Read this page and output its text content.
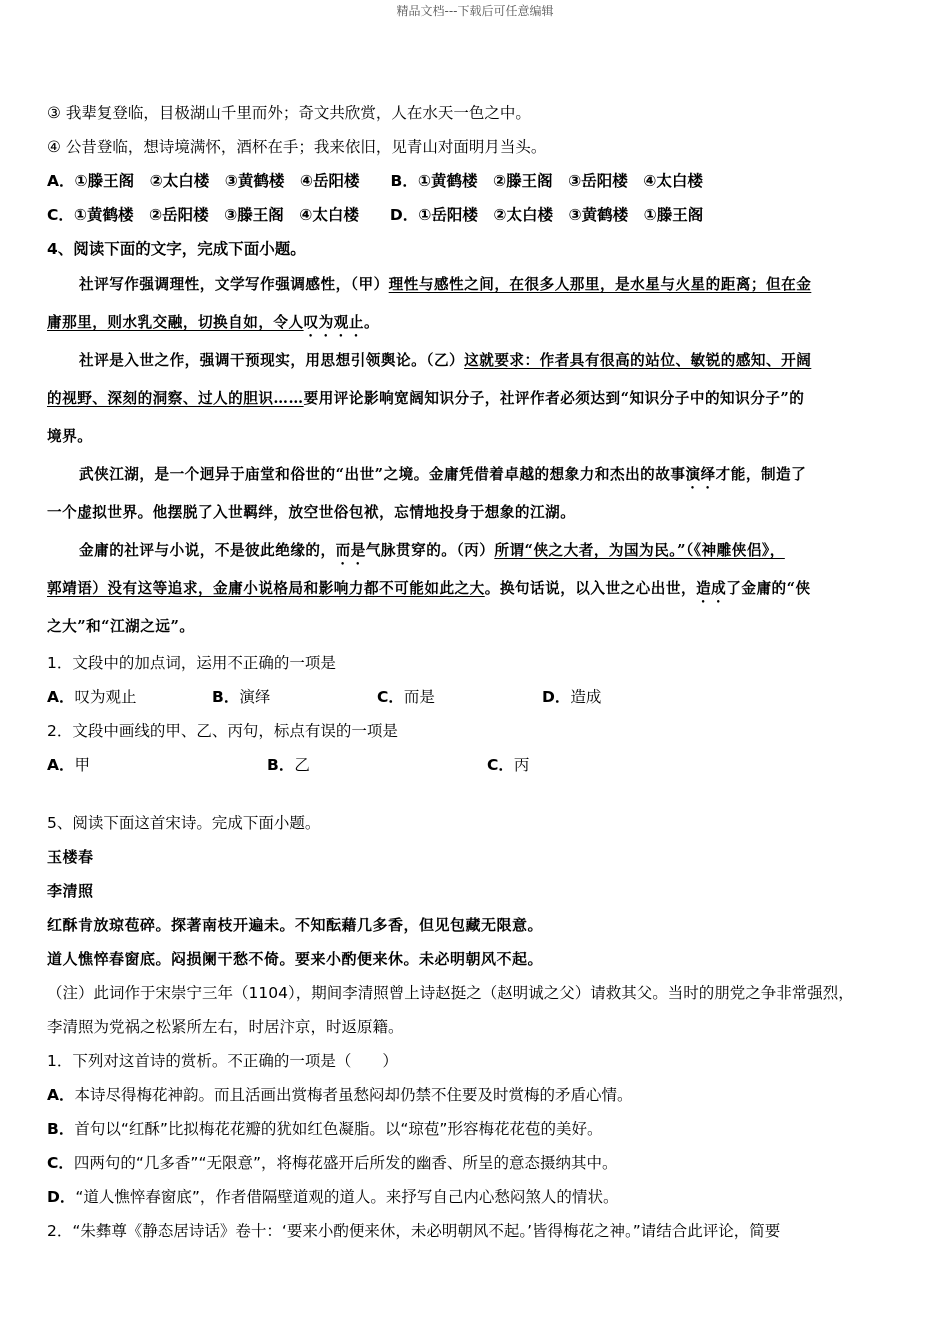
精品文档---下载后可任意编辑
③ 我辈复登临，目极湖山千里而外；奇文共欣赏，人在水天一色之中。
④ 公昔登临，想诗境满怀，酒杯在手；我来依旧，见青山对面明月当头。
A．①滕王阁　②太白楼　③黄鹤楼　④岳阳楼　　 B．①黄鹤楼　②滕王阁　③岳阳楼　④太白楼
C．①黄鹤楼　②岳阳楼　③滕王阁　④太白楼　　 D．①岳阳楼　②太白楼　③黄鹤楼　①滕王阁
4、阅读下面的文字，完成下面小题。
社评写作强调理性，文学写作强调感性，（甲）理性与感性之间，在很多人那里，是水星与火星的距离；但在金
庸那里，则水乳交融，切换自如，令人叹为观止。
社评是入世之作，强调干预现实，用思想引领舆论。（乙）这就要求：作者具有很高的站位、敏锐的感知、开阔
的视野、深刻的洞察、过人的胆识……要用评论影响宽阔知识分子，社评作者必须达到“知识分子中的知识分子”的
境界。
武侠江湖，是一个迥异于庙堂和俗世的“出世”之境。金庸凭借着卓越的想象力和杰出的故事演绎才能，制造了
一个虚拟世界。他摆脱了入世羁绊，放空世俗包袱，忘情地投身于想象的江湖。
金庸的社评与小说，不是彼此绝缘的，而是气脉贯穿的。（丙）所谓“侠之大者，为国为民。”（《神雕侠侣》，
郭靖语）没有这等追求，金庸小说格局和影响力都不可能如此之大。换句话说，以入世之心出世，造成了金庸的“侠
之大”和“江湖之远”。
1．文段中的加点词，运用不正确的一项是
A．叹为观止	B．演绎	C．而是	D．造成
2．文段中画线的甲、乙、丙句，标点有误的一项是
A．甲	B．乙	C．丙
5、阅读下面这首宋诗。完成下面小题。
玉楼春
李清照
红酥肯放琼苞碎。探著南枝开遍未。不知酝藉几多香，但见包藏无限意。
道人憔悴春窗底。闷损阑干愁不倚。要来小酌便来休。未必明朝风不起。
（注）此词作于宋崇宁三年（1104），期间李清照曾上诗赵挺之（赵明诚之父）请救其父。当时的朋党之争非常强烈，
李清照为党祸之松紧所左右，时居汴京，时返原籍。
1．下列对这首诗的赏析。不正确的一项是（　　）
A．本诗尽得梅花神韵。而且活画出赏梅者虽愁闷却仍禁不住要及时赏梅的矛盾心情。
B．首句以“红酥”比拟梅花花瓣的犹如红色凝脂。以“琼苞”形容梅花花苞的美好。
C．四两句的“几多香”“无限意”，将梅花盛开后所发的幽香、所呈的意态摄纳其中。
D．“道人憔悴春窗底”，作者借隔壁道观的道人。来抒写自己内心愁闷煞人的情状。
2．“朱彝尊《静态居诗话》卷十：‘要来小酌便来休，未必明朝风不起。’皆得梅花之神。”请结合此评论，简要
